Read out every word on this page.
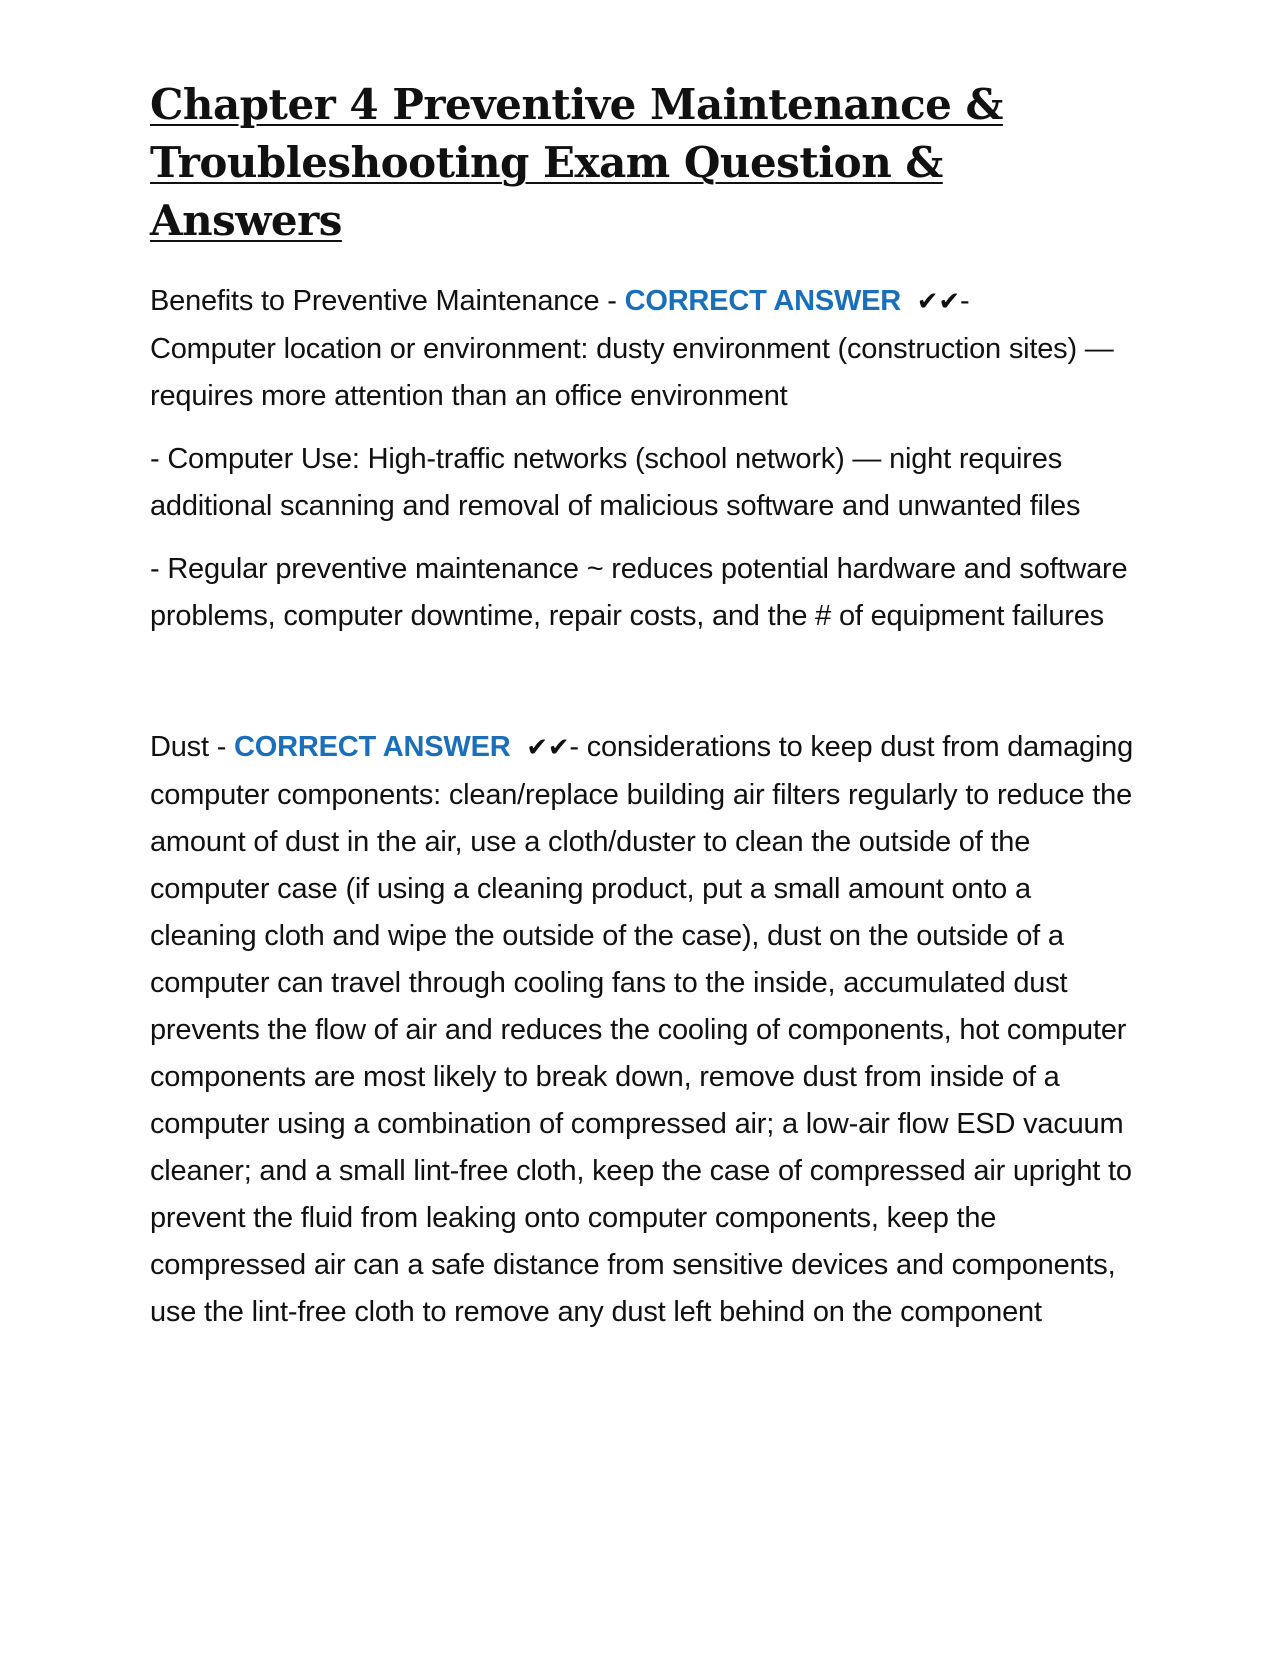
Chapter 4 Preventive Maintenance & Troubleshooting Exam Question & Answers

Benefits to Preventive Maintenance - CORRECT ANSWER ✔✔-
Computer location or environment: dusty environment (construction sites) — requires more attention than an office environment

- Computer Use: High-traffic networks (school network) — night requires additional scanning and removal of malicious software and unwanted files

- Regular preventive maintenance ~ reduces potential hardware and software problems, computer downtime, repair costs, and the # of equipment failures

Dust - CORRECT ANSWER ✔✔- considerations to keep dust from damaging computer components: clean/replace building air filters regularly to reduce the amount of dust in the air, use a cloth/duster to clean the outside of the computer case (if using a cleaning product, put a small amount onto a cleaning cloth and wipe the outside of the case), dust on the outside of a computer can travel through cooling fans to the inside, accumulated dust prevents the flow of air and reduces the cooling of components, hot computer components are most likely to break down, remove dust from inside of a computer using a combination of compressed air; a low-air flow ESD vacuum cleaner; and a small lint-free cloth, keep the case of compressed air upright to prevent the fluid from leaking onto computer components, keep the compressed air can a safe distance from sensitive devices and components, use the lint-free cloth to remove any dust left behind on the component
